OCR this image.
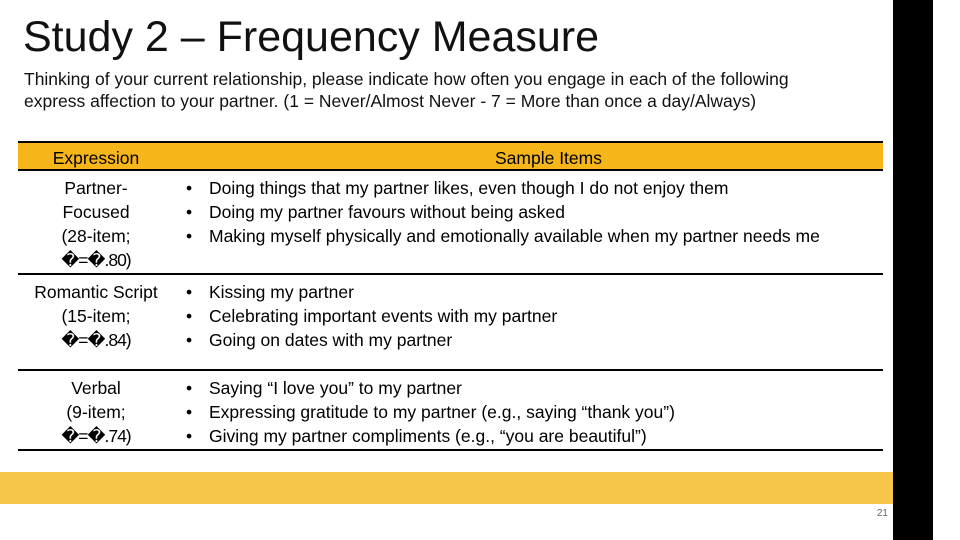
Study 2 – Frequency Measure
Thinking of your current relationship, please indicate how often you engage in each of the following
express affection to your partner. (1 = Never/Almost Never - 7 = More than once a day/Always)
Expression	Sample Items
Partner-
Focused
(28-item;
�=�.80)
• Doing things that my partner likes, even though I do not enjoy them
• Doing my partner favours without being asked
• Making myself physically and emotionally available when my partner needs me
Romantic Script
(15-item;
�=�.84)
• Kissing my partner
• Celebrating important events with my partner
• Going on dates with my partner
Verbal
(9-item;
�=�.74)
• Saying “I love you” to my partner
• Expressing gratitude to my partner (e.g., saying “thank you”)
• Giving my partner compliments (e.g., “you are beautiful”)
21
